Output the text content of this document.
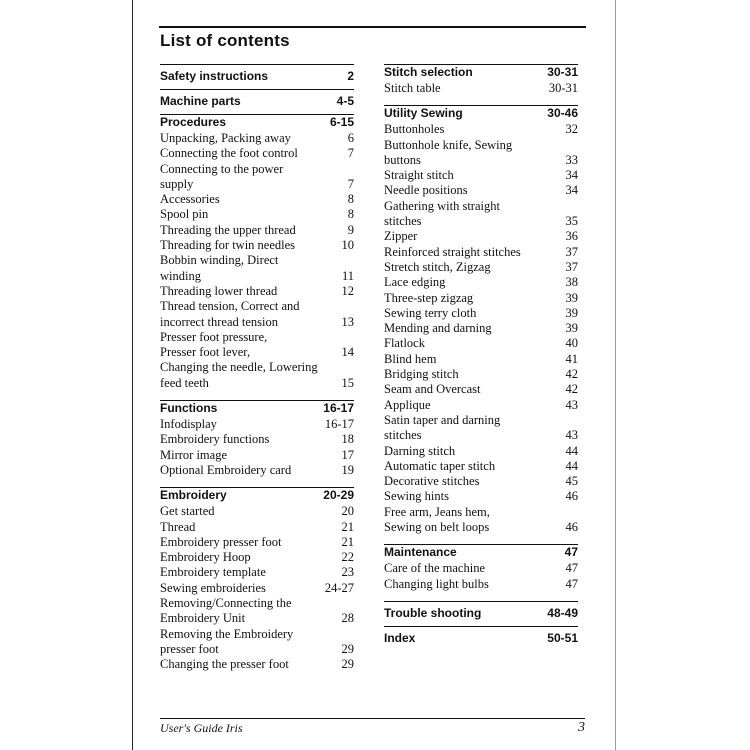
List of contents
Safety instructions	2
Machine parts	4-5
Procedures	6-15
Unpacking, Packing away	6
Connecting the foot control	7
Connecting to the power
supply	7
Accessories	8
Spool pin	8
Threading the upper thread	9
Threading for twin needles	10
Bobbin winding, Direct
winding	11
Threading lower thread	12
Thread tension, Correct and
incorrect thread tension	13
Presser foot pressure,
Presser foot lever,	14
Changing the needle, Lowering
feed teeth	15
Functions	16-17
Infodisplay	16-17
Embroidery functions	18
Mirror image	17
Optional Embroidery card	19
Embroidery	20-29
Get started	20
Thread	21
Embroidery presser foot	21
Embroidery Hoop	22
Embroidery template	23
Sewing embroideries	24-27
Removing/Connecting the
Embroidery Unit	28
Removing the Embroidery
presser foot	29
Changing the presser foot	29
Stitch selection	30-31
Stitch table	30-31
Utility Sewing	30-46
Buttonholes	32
Buttonhole knife, Sewing
buttons	33
Straight stitch	34
Needle positions	34
Gathering with straight
stitches	35
Zipper	36
Reinforced straight stitches	37
Stretch stitch, Zigzag	37
Lace edging	38
Three-step zigzag	39
Sewing terry cloth	39
Mending and darning	39
Flatlock	40
Blind hem	41
Bridging stitch	42
Seam and Overcast	42
Applique	43
Satin taper and darning
stitches	43
Darning stitch	44
Automatic taper stitch	44
Decorative stitches	45
Sewing hints	46
Free arm, Jeans hem,
Sewing on belt loops	46
Maintenance	47
Care of the machine	47
Changing light bulbs	47
Trouble shooting	48-49
Index	50-51
User's Guide Iris	3
